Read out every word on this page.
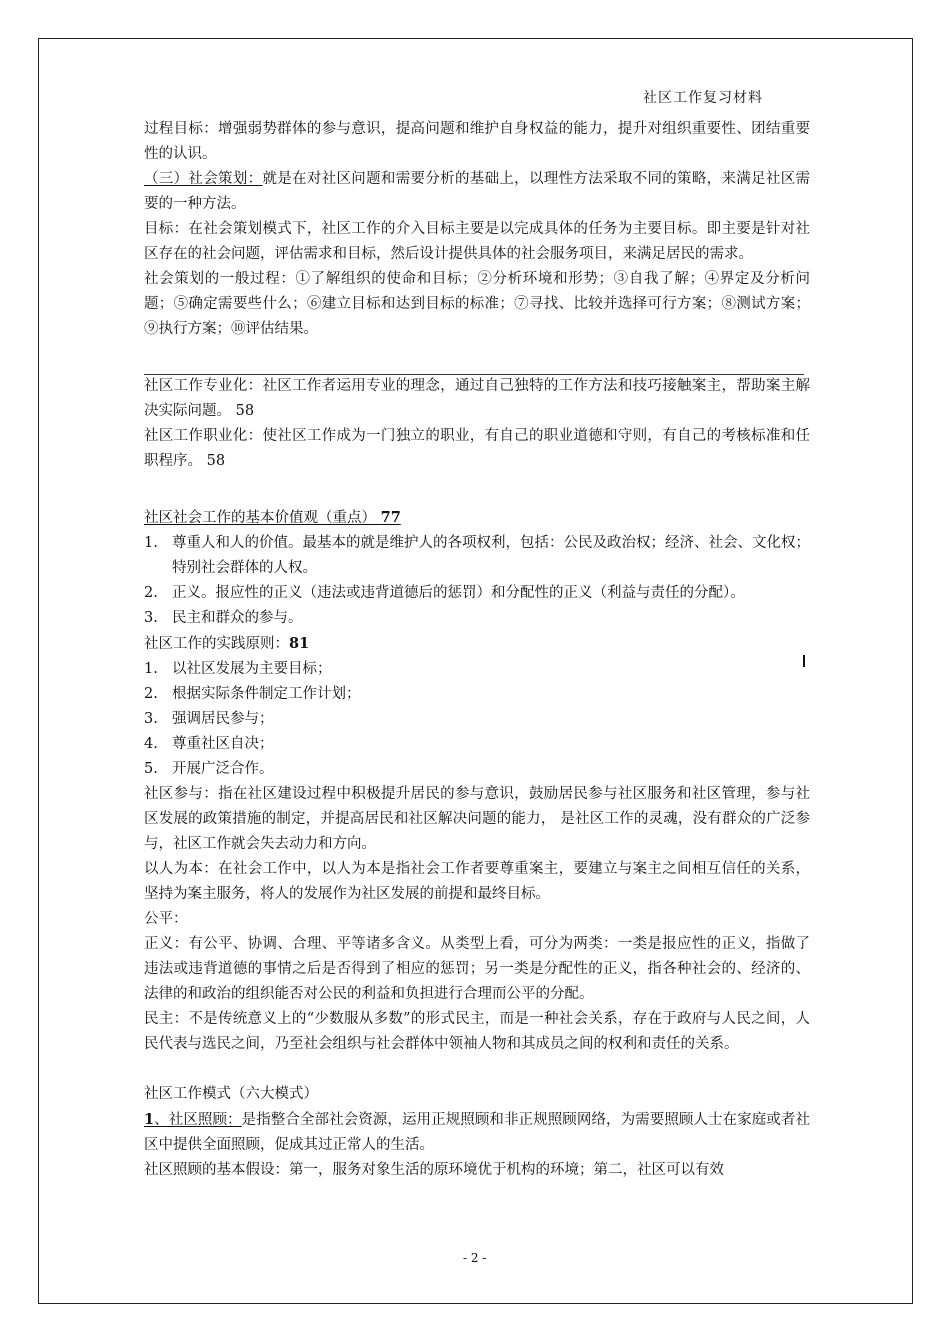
社区工作复习材料

过程目标：增强弱势群体的参与意识，提高问题和维护自身权益的能力，提升对组织重要性、团结重要性的认识。

（三）社会策划：就是在对社区问题和需要分析的基础上，以理性方法采取不同的策略，来满足社区需要的一种方法。

目标：在社会策划模式下，社区工作的介入目标主要是以完成具体的任务为主要目标。即主要是针对社区存在的社会问题，评估需求和目标，然后设计提供具体的社会服务项目，来满足居民的需求。

社会策划的一般过程：①了解组织的使命和目标；②分析环境和形势；③自我了解；④界定及分析问题；⑤确定需要些什么；⑥建立目标和达到目标的标准；⑦寻找、比较并选择可行方案；⑧测试方案；⑨执行方案；⑩评估结果。

社区工作专业化：社区工作者运用专业的理念，通过自己独特的工作方法和技巧接触案主，帮助案主解决实际问题。 58

社区工作职业化：使社区工作成为一门独立的职业，有自己的职业道德和守则，有自己的考核标准和任职程序。 58

社区社会工作的基本价值观（重点） 77

1. 尊重人和人的价值。最基本的就是维护人的各项权利，包括：公民及政治权；经济、社会、文化权；特别社会群体的人权。
2. 正义。报应性的正义（违法或违背道德后的惩罚）和分配性的正义（利益与责任的分配）。
3. 民主和群众的参与。

社区工作的实践原则：81

1. 以社区发展为主要目标；
2. 根据实际条件制定工作计划；
3. 强调居民参与；
4. 尊重社区自决；
5. 开展广泛合作。

社区参与：指在社区建设过程中积极提升居民的参与意识，鼓励居民参与社区服务和社区管理，参与社区发展的政策措施的制定，并提高居民和社区解决问题的能力， 是社区工作的灵魂，没有群众的广泛参与，社区工作就会失去动力和方向。

以人为本：在社会工作中，以人为本是指社会工作者要尊重案主，要建立与案主之间相互信任的关系，坚持为案主服务，将人的发展作为社区发展的前提和最终目标。

公平：

正义：有公平、协调、合理、平等诸多含义。从类型上看，可分为两类：一类是报应性的正义，指做了违法或违背道德的事情之后是否得到了相应的惩罚；另一类是分配性的正义，指各种社会的、经济的、法律的和政治的组织能否对公民的利益和负担进行合理而公平的分配。

民主：不是传统意义上的“少数服从多数”的形式民主，而是一种社会关系，存在于政府与人民之间，人民代表与选民之间，乃至社会组织与社会群体中领袖人物和其成员之间的权利和责任的关系。

社区工作模式（六大模式）

1、社区照顾：是指整合全部社会资源，运用正规照顾和非正规照顾网络，为需要照顾人士在家庭或者社区中提供全面照顾，促成其过正常人的生活。

社区照顾的基本假设：第一，服务对象生活的原环境优于机构的环境；第二，社区可以有效

- 2 -
